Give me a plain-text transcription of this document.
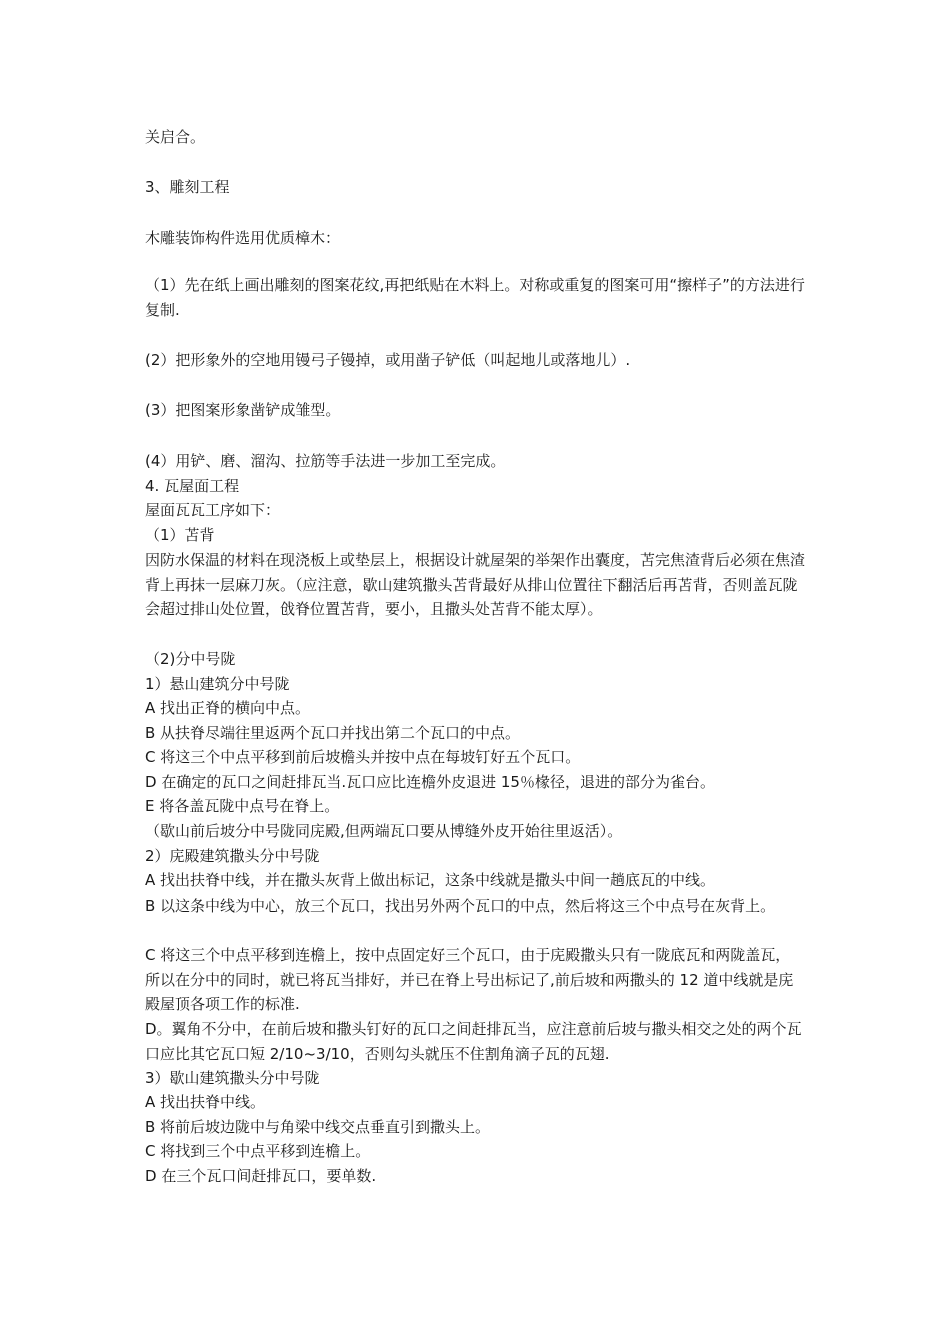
关启合。
3、雕刻工程
木雕装饰构件选用优质樟木：
（1）先在纸上画出雕刻的图案花纹,再把纸贴在木料上。对称或重复的图案可用“擦样子”的方法进行复制.
(2）把形象外的空地用镘弓子镘掉，或用凿子铲低（叫起地儿或落地儿）.
(3）把图案形象凿铲成雏型。
(4）用铲、磨、溜沟、拉筋等手法进一步加工至完成。
4. 瓦屋面工程
屋面瓦瓦工序如下：
（1）苫背
因防水保温的材料在现浇板上或垫层上，根据设计就屋架的举架作出囊度，苫完焦渣背后必须在焦渣背上再抹一层麻刀灰。（应注意，歇山建筑撒头苫背最好从排山位置往下翻活后再苫背，否则盖瓦陇会超过排山处位置，戗脊位置苫背，要小，且撒头处苫背不能太厚）。
（2)分中号陇
1）悬山建筑分中号陇
A 找出正脊的横向中点。
B 从扶脊尽端往里返两个瓦口并找出第二个瓦口的中点。
C 将这三个中点平移到前后坡檐头并按中点在每坡钉好五个瓦口。
D 在确定的瓦口之间赶排瓦当.瓦口应比连檐外皮退进 15％椽径，退进的部分为雀台。
E 将各盖瓦陇中点号在脊上。
（歇山前后坡分中号陇同庑殿,但两端瓦口要从博缝外皮开始往里返活）。
2）庑殿建筑撒头分中号陇
A 找出扶脊中线，并在撒头灰背上做出标记，这条中线就是撒头中间一趟底瓦的中线。
B 以这条中线为中心，放三个瓦口，找出另外两个瓦口的中点，然后将这三个中点号在灰背上。
C 将这三个中点平移到连檐上，按中点固定好三个瓦口，由于庑殿撒头只有一陇底瓦和两陇盖瓦，所以在分中的同时，就已将瓦当排好，并已在脊上号出标记了,前后坡和两撒头的 12 道中线就是庑殿屋顶各项工作的标准.
D。翼角不分中，在前后坡和撒头钉好的瓦口之间赶排瓦当，应注意前后坡与撒头相交之处的两个瓦口应比其它瓦口短 2/10~3/10，否则勾头就压不住割角滴子瓦的瓦翅.
3）歇山建筑撒头分中号陇
A 找出扶脊中线。
B 将前后坡边陇中与角梁中线交点垂直引到撒头上。
C 将找到三个中点平移到连檐上。
D 在三个瓦口间赶排瓦口，要单数.
